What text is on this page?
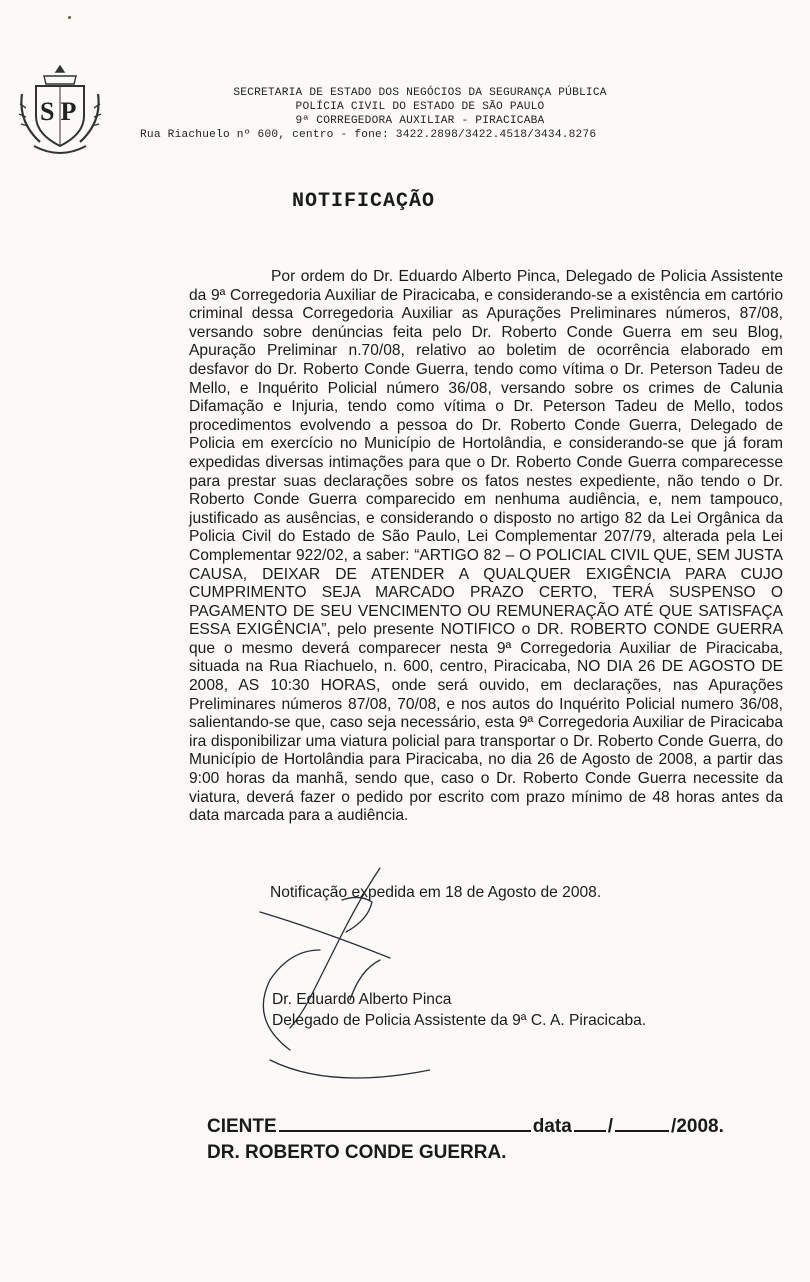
SP
SECRETARIA DE ESTADO DOS NEGÓCIOS DA SEGURANÇA PÚBLICA
POLÍCIA CIVIL DO ESTADO DE SÃO PAULO
9ª CORREGEDORA AUXILIAR - PIRACICABA
Rua Riachuelo nº 600, centro - fone: 3422.2898/3422.4518/3434.8276
NOTIFICAÇÃO

Por ordem do Dr. Eduardo Alberto Pinca, Delegado de Policia Assistente da 9ª Corregedoria Auxiliar de Piracicaba, e considerando-se a existência em cartório criminal dessa Corregedoria Auxiliar as Apurações Preliminares números, 87/08, versando sobre denúncias feita pelo Dr. Roberto Conde Guerra em seu Blog, Apuração Preliminar n.70/08, relativo ao boletim de ocorrência elaborado em desfavor do Dr. Roberto Conde Guerra, tendo como vítima o Dr. Peterson Tadeu de Mello, e Inquérito Policial número 36/08, versando sobre os crimes de Calunia Difamação e Injuria, tendo como vítima o Dr. Peterson Tadeu de Mello, todos procedimentos evolvendo a pessoa do Dr. Roberto Conde Guerra, Delegado de Policia em exercício no Município de Hortolândia, e considerando-se que já foram expedidas diversas intimações para que o Dr. Roberto Conde Guerra comparecesse para prestar suas declarações sobre os fatos nestes expediente, não tendo o Dr. Roberto Conde Guerra comparecido em nenhuma audiência, e, nem tampouco, justificado as ausências, e considerando o disposto no artigo 82 da Lei Orgânica da Policia Civil do Estado de São Paulo, Lei Complementar 207/79, alterada pela Lei Complementar 922/02, a saber: “ARTIGO 82 – O POLICIAL CIVIL QUE, SEM JUSTA CAUSA, DEIXAR DE ATENDER A QUALQUER EXIGÊNCIA PARA CUJO CUMPRIMENTO SEJA MARCADO PRAZO CERTO, TERÁ SUSPENSO O PAGAMENTO DE SEU VENCIMENTO OU REMUNERAÇÃO ATÉ QUE SATISFAÇA ESSA EXIGÊNCIA”, pelo presente NOTIFICO o DR. ROBERTO CONDE GUERRA que o mesmo deverá comparecer nesta 9ª Corregedoria Auxiliar de Piracicaba, situada na Rua Riachuelo, n. 600, centro, Piracicaba, NO DIA 26 DE AGOSTO DE 2008, AS 10:30 HORAS, onde será ouvido, em declarações, nas Apurações Preliminares números 87/08, 70/08, e nos autos do Inquérito Policial numero 36/08, salientando-se que, caso seja necessário, esta 9ª Corregedoria Auxiliar de Piracicaba ira disponibilizar uma viatura policial para transportar o Dr. Roberto Conde Guerra, do Município de Hortolândia para Piracicaba, no dia 26 de Agosto de 2008, a partir das 9:00 horas da manhã, sendo que, caso o Dr. Roberto Conde Guerra necessite da viatura, deverá fazer o pedido por escrito com prazo mínimo de 48 horas antes da data marcada para a audiência.

Notificação expedida em 18 de Agosto de 2008.
Dr. Eduardo Alberto Pinca
Delegado de Policia Assistente da 9ª C. A. Piracicaba.
CIENTE	data /	/2008.
DR. ROBERTO CONDE GUERRA.
